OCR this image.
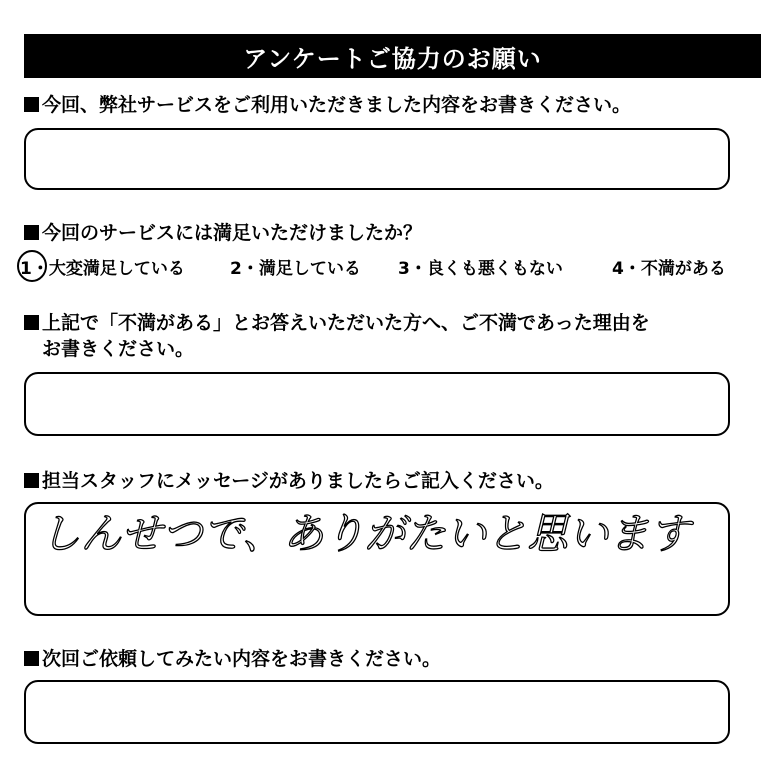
アンケートご協力のお願い
今回、弊社サービスをご利用いただきました内容をお書きください。
今回のサービスには満足いただけましたか？
1・大変満足している	2・満足している 3・良くも悪くもない	4・不満がある
上記で「不満がある」とお答えいただいた方へ、ご不満であった理由を
お書きください。
担当スタッフにメッセージがありましたらご記入ください。
しんせつで、ありがたいと思います
次回ご依頼してみたい内容をお書きください。
